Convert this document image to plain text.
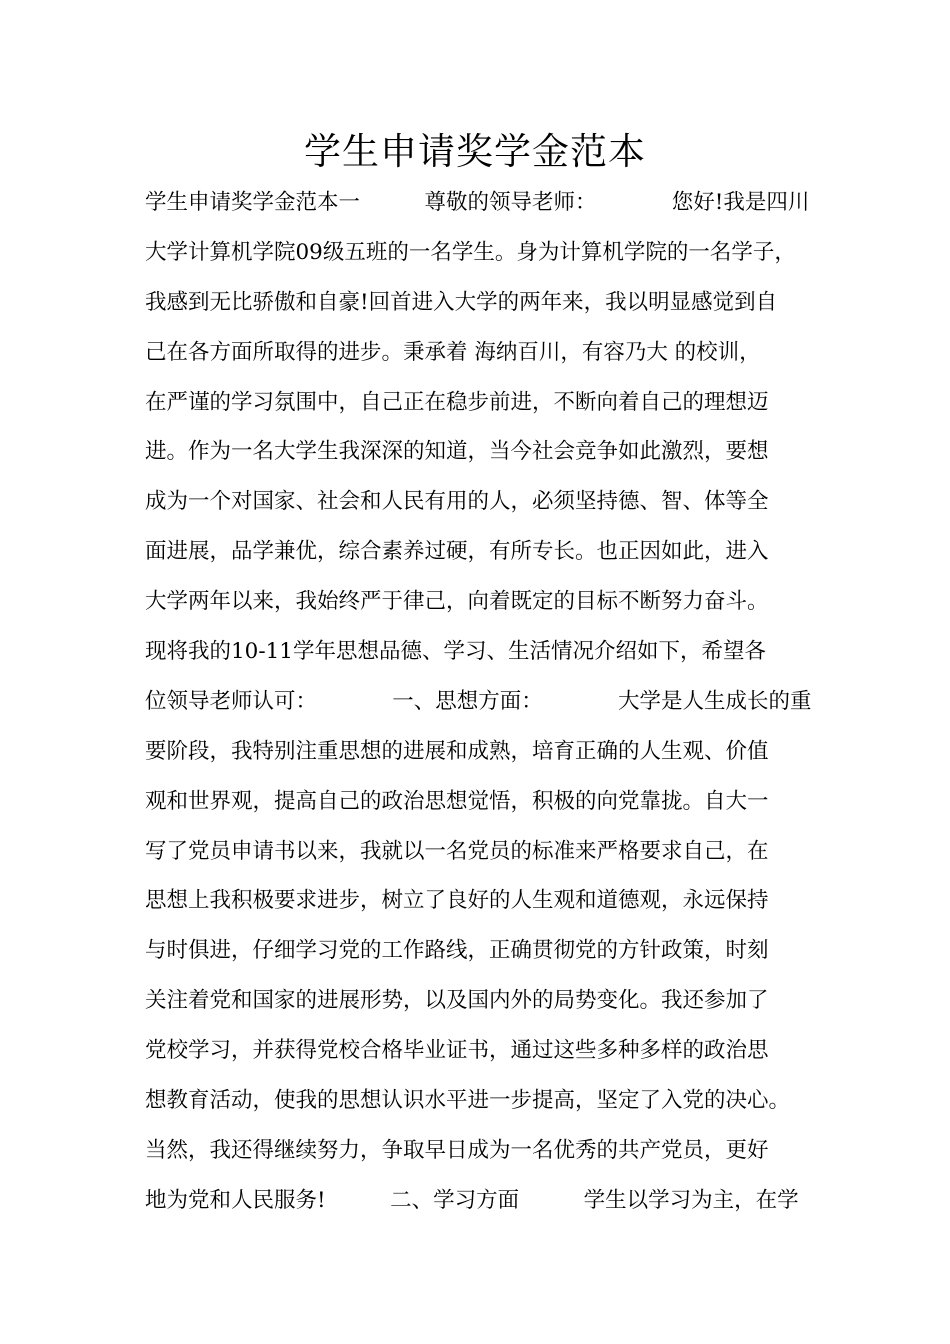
学生申请奖学金范本
学生申请奖学金范本一　　　尊敬的领导老师：　　　　您好!我是四川
大学计算机学院09级五班的一名学生。身为计算机学院的一名学子，
我感到无比骄傲和自豪!回首进入大学的两年来，我以明显感觉到自
己在各方面所取得的进步。秉承着 海纳百川，有容乃大 的校训，
在严谨的学习氛围中，自己正在稳步前进，不断向着自己的理想迈
进。作为一名大学生我深深的知道，当今社会竞争如此激烈，要想
成为一个对国家、社会和人民有用的人，必须坚持德、智、体等全
面进展，品学兼优，综合素养过硬，有所专长。也正因如此，进入
大学两年以来，我始终严于律己，向着既定的目标不断努力奋斗。
现将我的10-11学年思想品德、学习、生活情况介绍如下，希望各
位领导老师认可：　　　　一、思想方面：　　　　大学是人生成长的重
要阶段，我特别注重思想的进展和成熟，培育正确的人生观、价值
观和世界观，提高自己的政治思想觉悟，积极的向党靠拢。自大一
写了党员申请书以来，我就以一名党员的标准来严格要求自己，在
思想上我积极要求进步，树立了良好的人生观和道德观，永远保持
与时俱进，仔细学习党的工作路线，正确贯彻党的方针政策，时刻
关注着党和国家的进展形势，以及国内外的局势变化。我还参加了
党校学习，并获得党校合格毕业证书，通过这些多种多样的政治思
想教育活动，使我的思想认识水平进一步提高，坚定了入党的决心。
当然，我还得继续努力，争取早日成为一名优秀的共产党员，更好
地为党和人民服务!　　　二、学习方面　　　学生以学习为主，在学
